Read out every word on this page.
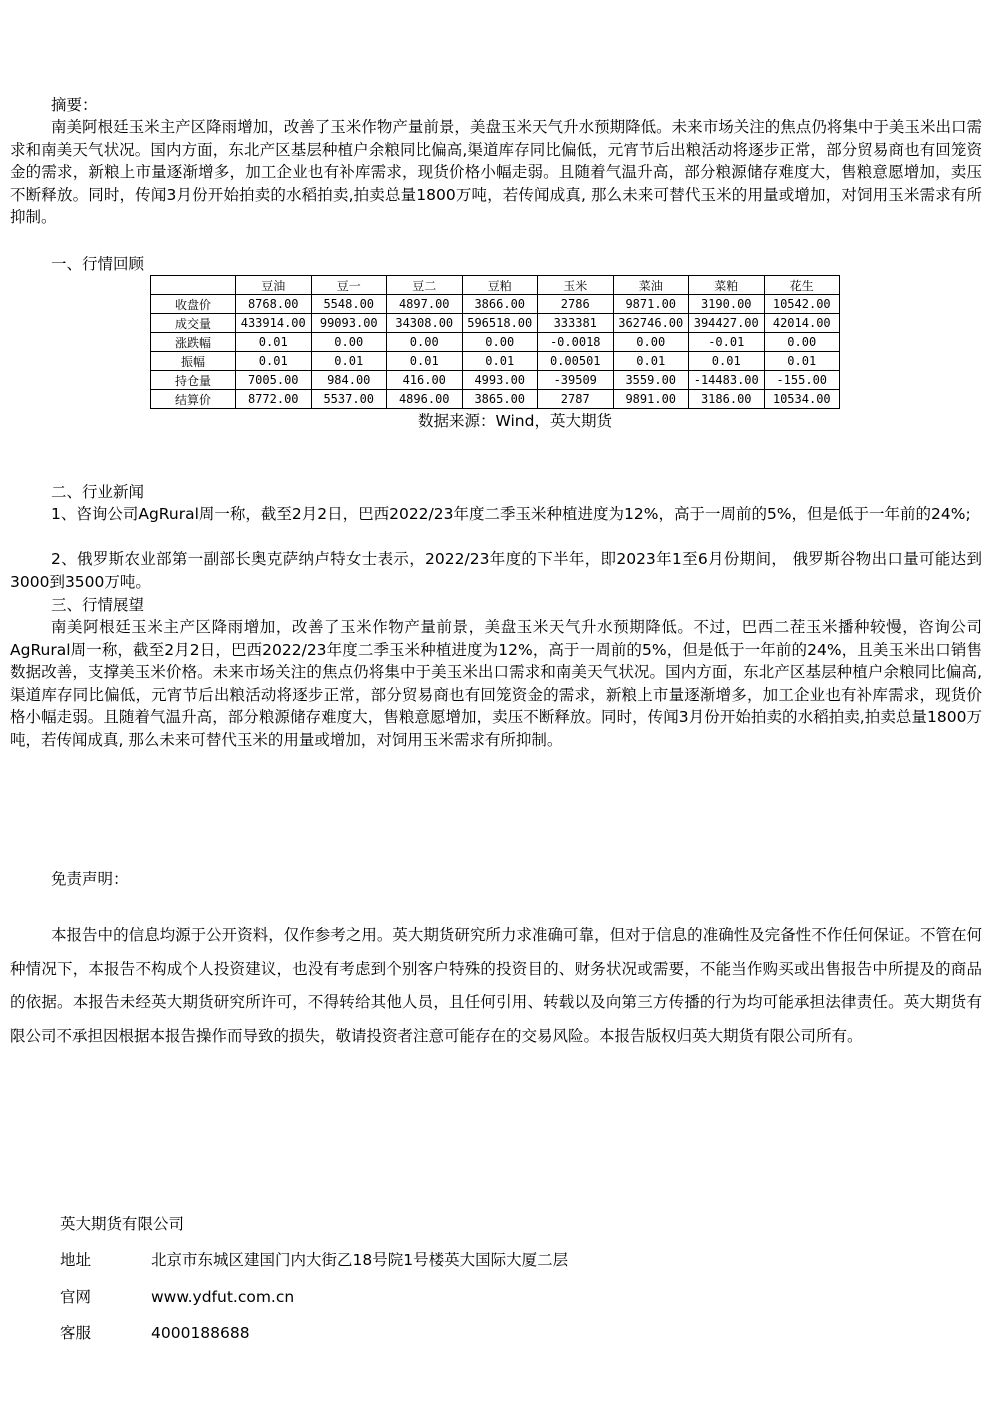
摘要：

南美阿根廷玉米主产区降雨增加，改善了玉米作物产量前景，美盘玉米天气升水预期降低。未来市场关注的焦点仍将集中于美玉米出口需求和南美天气状况。国内方面，东北产区基层种植户余粮同比偏高,渠道库存同比偏低，元宵节后出粮活动将逐步正常，部分贸易商也有回笼资金的需求，新粮上市量逐渐增多，加工企业也有补库需求，现货价格小幅走弱。且随着气温升高，部分粮源储存难度大，售粮意愿增加，卖压不断释放。同时，传闻3月份开始拍卖的水稻拍卖,拍卖总量1800万吨，若传闻成真, 那么未来可替代玉米的用量或增加，对饲用玉米需求有所抑制。

一、行情回顾

	豆油	豆一	豆二	豆粕	玉米	菜油	菜粕	花生
收盘价	8768.00	5548.00	4897.00	3866.00	2786	9871.00	3190.00	10542.00
成交量	433914.00	99093.00	34308.00	596518.00	333381	362746.00	394427.00	42014.00
涨跌幅	0.01	0.00	0.00	0.00	-0.0018	0.00	-0.01	0.00
振幅	0.01	0.01	0.01	0.01	0.00501	0.01	0.01	0.01
持仓量	7005.00	984.00	416.00	4993.00	-39509	3559.00	-14483.00	-155.00
结算价	8772.00	5537.00	4896.00	3865.00	2787	9891.00	3186.00	10534.00
数据来源：Wind，英大期货

二、行业新闻

1、咨询公司AgRural周一称，截至2月2日，巴西2022/23年度二季玉米种植进度为12%，高于一周前的5%，但是低于一年前的24%;

2、俄罗斯农业部第一副部长奥克萨纳卢特女士表示，2022/23年度的下半年，即2023年1至6月份期间， 俄罗斯谷物出口量可能达到3000到3500万吨。

三、行情展望

南美阿根廷玉米主产区降雨增加，改善了玉米作物产量前景，美盘玉米天气升水预期降低。不过，巴西二茬玉米播种较慢，咨询公司AgRural周一称，截至2月2日，巴西2022/23年度二季玉米种植进度为12%，高于一周前的5%，但是低于一年前的24%，且美玉米出口销售数据改善，支撑美玉米价格。未来市场关注的焦点仍将集中于美玉米出口需求和南美天气状况。国内方面，东北产区基层种植户余粮同比偏高,渠道库存同比偏低，元宵节后出粮活动将逐步正常，部分贸易商也有回笼资金的需求，新粮上市量逐渐增多，加工企业也有补库需求，现货价格小幅走弱。且随着气温升高，部分粮源储存难度大，售粮意愿增加，卖压不断释放。同时，传闻3月份开始拍卖的水稻拍卖,拍卖总量1800万吨，若传闻成真, 那么未来可替代玉米的用量或增加，对饲用玉米需求有所抑制。

免责声明：

本报告中的信息均源于公开资料，仅作参考之用。英大期货研究所力求准确可靠，但对于信息的准确性及完备性不作任何保证。不管在何种情况下，本报告不构成个人投资建议，也没有考虑到个别客户特殊的投资目的、财务状况或需要，不能当作购买或出售报告中所提及的商品的依据。本报告未经英大期货研究所许可，不得转给其他人员，且任何引用、转载以及向第三方传播的行为均可能承担法律责任。英大期货有限公司不承担因根据本报告操作而导致的损失，敬请投资者注意可能存在的交易风险。本报告版权归英大期货有限公司所有。

英大期货有限公司
地址	北京市东城区建国门内大街乙18号院1号楼英大国际大厦二层
官网	www.ydfut.com.cn
客服	4000188688
